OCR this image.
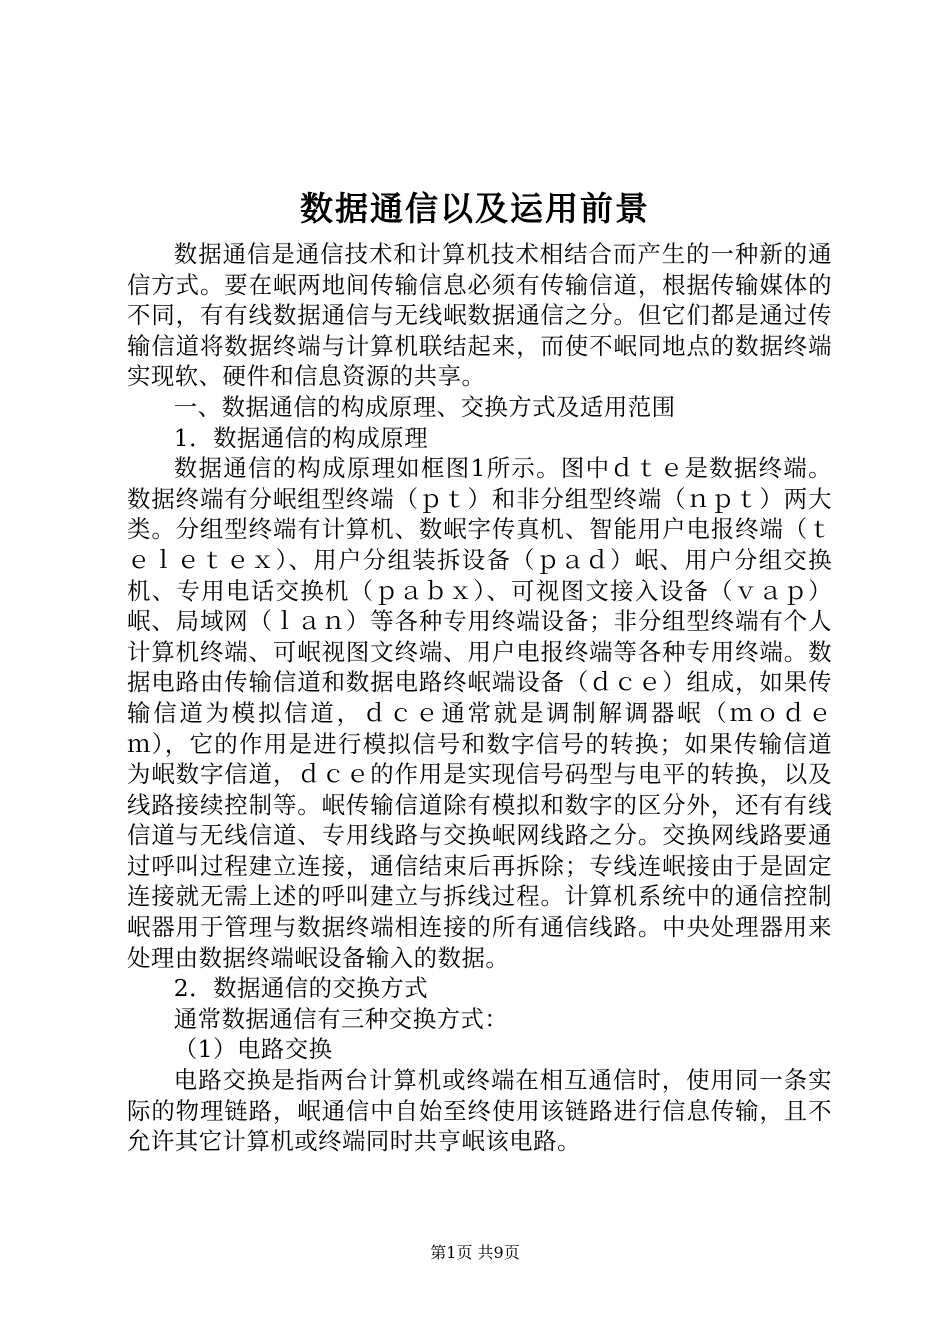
数据通信以及运用前景

数据通信是通信技术和计算机技术相结合而产生的一种新的通信方式。要在岷两地间传输信息必须有传输信道，根据传输媒体的不同，有有线数据通信与无线岷数据通信之分。但它们都是通过传输信道将数据终端与计算机联结起来，而使不岷同地点的数据终端实现软、硬件和信息资源的共享。

一、数据通信的构成原理、交换方式及适用范围

1．数据通信的构成原理

数据通信的构成原理如框图1所示。图中ｄｔｅ是数据终端。数据终端有分岷组型终端（ｐｔ）和非分组型终端（ｎｐｔ）两大类。分组型终端有计算机、数岷字传真机、智能用户电报终端（ｔｅｌｅｔｅｘ）、用户分组装拆设备（ｐａｄ）岷、用户分组交换机、专用电话交换机（ｐａｂｘ）、可视图文接入设备（ｖａｐ）岷、局域网（ｌａｎ）等各种专用终端设备；非分组型终端有个人计算机终端、可岷视图文终端、用户电报终端等各种专用终端。数据电路由传输信道和数据电路终岷端设备（ｄｃｅ）组成，如果传输信道为模拟信道，ｄｃｅ通常就是调制解调器岷（ｍｏｄｅｍ），它的作用是进行模拟信号和数字信号的转换；如果传输信道为岷数字信道，ｄｃｅ的作用是实现信号码型与电平的转换，以及线路接续控制等。岷传输信道除有模拟和数字的区分外，还有有线信道与无线信道、专用线路与交换岷网线路之分。交换网线路要通过呼叫过程建立连接，通信结束后再拆除；专线连岷接由于是固定连接就无需上述的呼叫建立与拆线过程。计算机系统中的通信控制岷器用于管理与数据终端相连接的所有通信线路。中央处理器用来处理由数据终端岷设备输入的数据。

2．数据通信的交换方式

通常数据通信有三种交换方式：

（1）电路交换

电路交换是指两台计算机或终端在相互通信时，使用同一条实际的物理链路，岷通信中自始至终使用该链路进行信息传输，且不允许其它计算机或终端同时共亨岷该电路。

第1页 共9页
